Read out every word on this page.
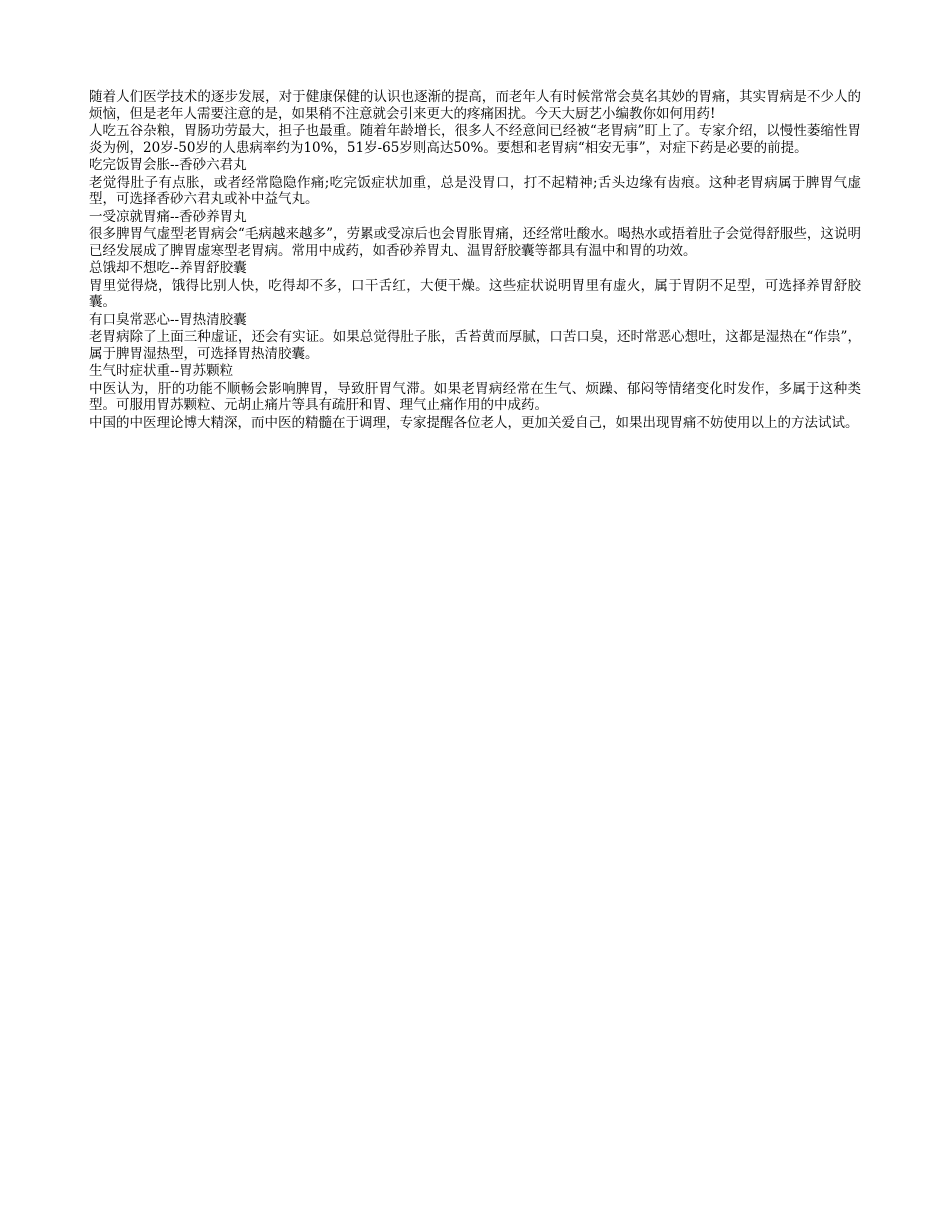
随着人们医学技术的逐步发展，对于健康保健的认识也逐渐的提高，而老年人有时候常常会莫名其妙的胃痛，其实胃病是不少人的烦恼，但是老年人需要注意的是，如果稍不注意就会引来更大的疼痛困扰。今天大厨艺小编教你如何用药!

人吃五谷杂粮，胃肠功劳最大，担子也最重。随着年龄增长，很多人不经意间已经被“老胃病”盯上了。专家介绍，以慢性萎缩性胃炎为例，20岁-50岁的人患病率约为10%，51岁-65岁则高达50%。要想和老胃病“相安无事”，对症下药是必要的前提。

吃完饭胃会胀--香砂六君丸

老觉得肚子有点胀，或者经常隐隐作痛;吃完饭症状加重，总是没胃口，打不起精神;舌头边缘有齿痕。这种老胃病属于脾胃气虚型，可选择香砂六君丸或补中益气丸。

一受凉就胃痛--香砂养胃丸

很多脾胃气虚型老胃病会“毛病越来越多”，劳累或受凉后也会胃胀胃痛，还经常吐酸水。喝热水或捂着肚子会觉得舒服些，这说明已经发展成了脾胃虚寒型老胃病。常用中成药，如香砂养胃丸、温胃舒胶囊等都具有温中和胃的功效。

总饿却不想吃--养胃舒胶囊

胃里觉得烧，饿得比别人快，吃得却不多，口干舌红，大便干燥。这些症状说明胃里有虚火，属于胃阴不足型，可选择养胃舒胶囊。

有口臭常恶心--胃热清胶囊

老胃病除了上面三种虚证，还会有实证。如果总觉得肚子胀，舌苔黄而厚腻，口苦口臭，还时常恶心想吐，这都是湿热在“作祟”，属于脾胃湿热型，可选择胃热清胶囊。

生气时症状重--胃苏颗粒

中医认为，肝的功能不顺畅会影响脾胃，导致肝胃气滞。如果老胃病经常在生气、烦躁、郁闷等情绪变化时发作，多属于这种类型。可服用胃苏颗粒、元胡止痛片等具有疏肝和胃、理气止痛作用的中成药。

中国的中医理论博大精深，而中医的精髓在于调理，专家提醒各位老人，更加关爱自己，如果出现胃痛不妨使用以上的方法试试。
